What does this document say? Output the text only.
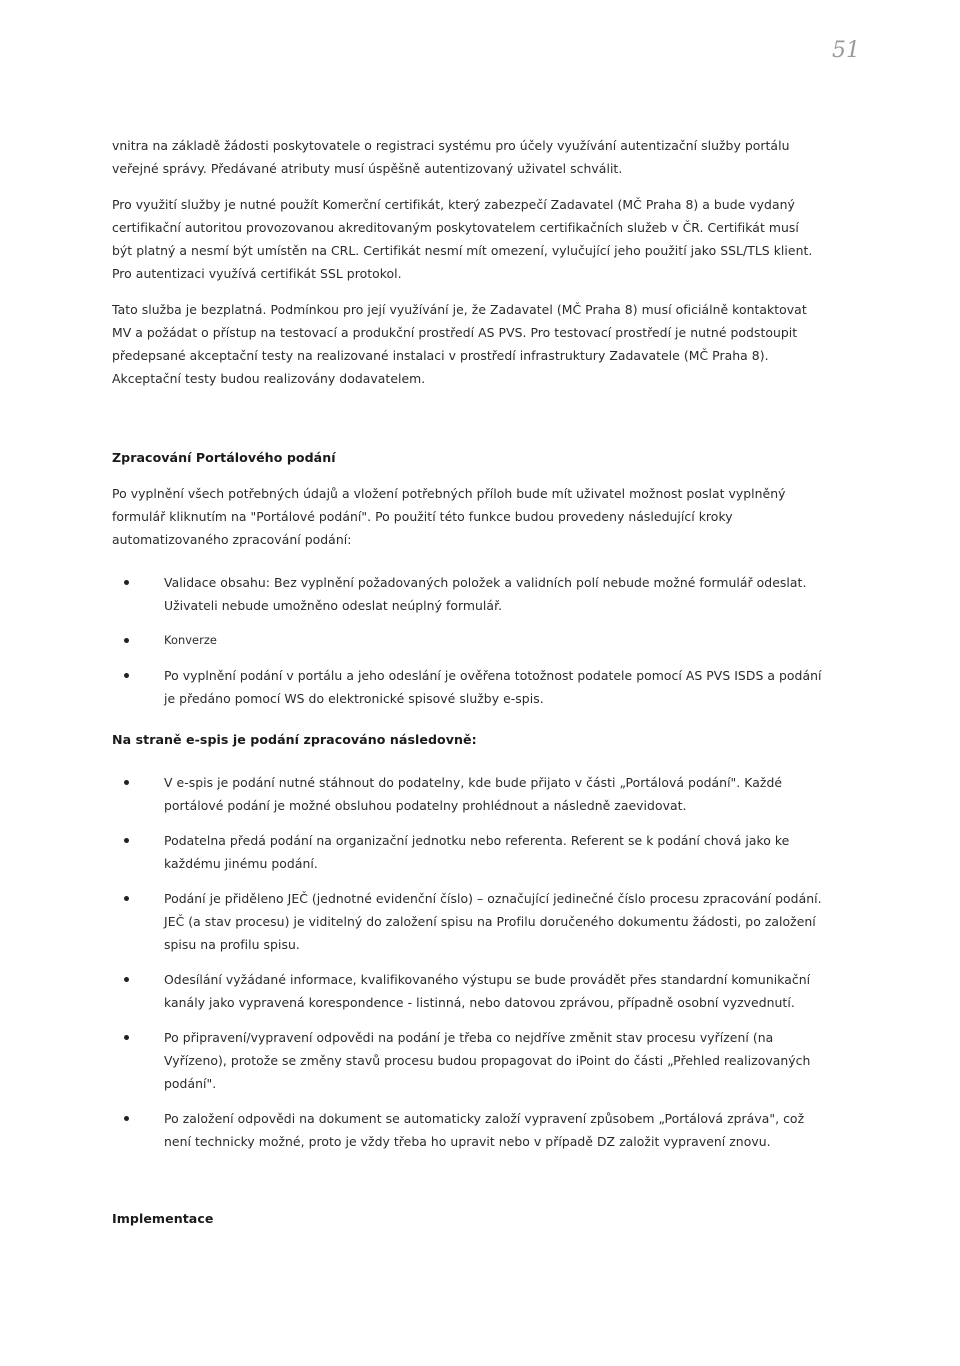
51

vnitra na základě žádosti poskytovatele o registraci systému pro účely využívání autentizační služby portálu veřejné správy. Předávané atributy musí úspěšně autentizovaný uživatel schválit.

Pro využití služby je nutné použít Komerční certifikát, který zabezpečí Zadavatel (MČ Praha 8) a bude vydaný certifikační autoritou provozovanou akreditovaným poskytovatelem certifikačních služeb v ČR. Certifikát musí být platný a nesmí být umístěn na CRL. Certifikát nesmí mít omezení, vylučující jeho použití jako SSL/TLS klient. Pro autentizaci využívá certifikát SSL protokol.

Tato služba je bezplatná. Podmínkou pro její využívání je, že Zadavatel (MČ Praha 8) musí oficiálně kontaktovat MV a požádat o přístup na testovací a produkční prostředí AS PVS. Pro testovací prostředí je nutné podstoupit předepsané akceptační testy na realizované instalaci v prostředí infrastruktury Zadavatele (MČ Praha 8). Akceptační testy budou realizovány dodavatelem.

Zpracování Portálového podání

Po vyplnění všech potřebných údajů a vložení potřebných příloh bude mít uživatel možnost poslat vyplněný formulář kliknutím na "Portálové podání". Po použití této funkce budou provedeny následující kroky automatizovaného zpracování podání:

Validace obsahu: Bez vyplnění požadovaných položek a validních polí nebude možné formulář odeslat. Uživateli nebude umožněno odeslat neúplný formulář.
Konverze
Po vyplnění podání v portálu a jeho odeslání je ověřena totožnost podatele pomocí AS PVS ISDS a podání je předáno pomocí WS do elektronické spisové služby e-spis.

Na straně e-spis je podání zpracováno následovně:

V e-spis je podání nutné stáhnout do podatelny, kde bude přijato v části „Portálová podání". Každé portálové podání je možné obsluhou podatelny prohlédnout a následně zaevidovat.
Podatelna předá podání na organizační jednotku nebo referenta. Referent se k podání chová jako ke každému jinému podání.
Podání je přiděleno JEČ (jednotné evidenční číslo) – označující jedinečné číslo procesu zpracování podání. JEČ (a stav procesu) je viditelný do založení spisu na Profilu doručeného dokumentu žádosti, po založení spisu na profilu spisu.
Odesílání vyžádané informace, kvalifikovaného výstupu se bude provádět přes standardní komunikační kanály jako vypravená korespondence - listinná, nebo datovou zprávou, případně osobní vyzvednutí.
Po připravení/vypravení odpovědi na podání je třeba co nejdříve změnit stav procesu vyřízení (na Vyřízeno), protože se změny stavů procesu budou propagovat do iPoint do části „Přehled realizovaných podání".
Po založení odpovědi na dokument se automaticky založí vypravení způsobem „Portálová zpráva", což není technicky možné, proto je vždy třeba ho upravit nebo v případě DZ založit vypravení znovu.

Implementace
